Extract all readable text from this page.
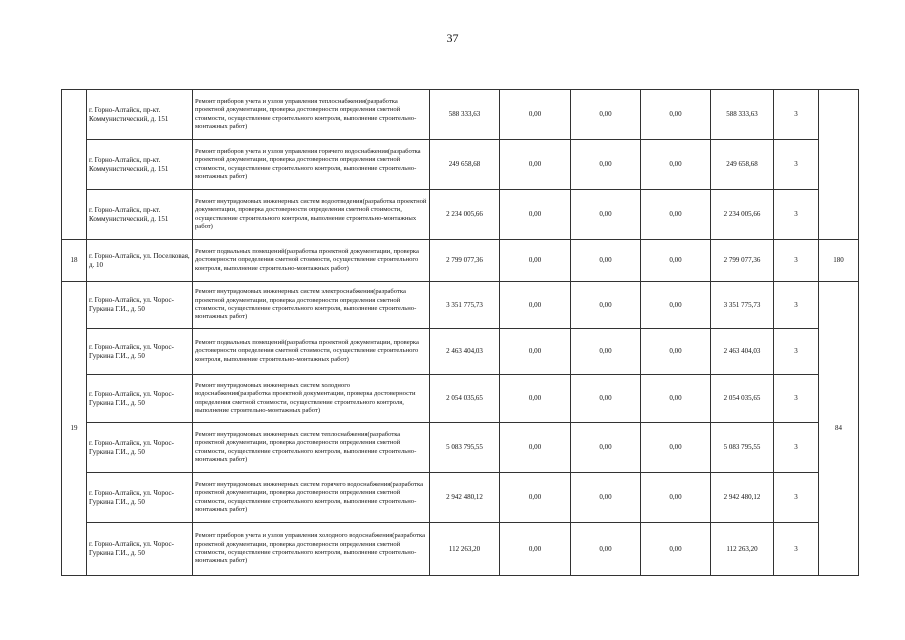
37
	г. Горно-Алтайск, пр-кт. Коммунистический, д. 151	Ремонт приборов учета и узлов управления теплоснабжения(разработка проектной документации, проверка достоверности определения сметной стоимости, осуществление строительного контроля, выполнение строительно-монтажных работ)	588 333,63	0,00	0,00	0,00	588 333,63	3	
	г. Горно-Алтайск, пр-кт. Коммунистический, д. 151	Ремонт приборов учета и узлов управления горячего водоснабжения(разработка проектной документации, проверка достоверности определения сметной стоимости, осуществление строительного контроля, выполнение строительно-монтажных работ)	249 658,68	0,00	0,00	0,00	249 658,68	3	
	г. Горно-Алтайск, пр-кт. Коммунистический, д. 151	Ремонт внутридомовых инженерных систем водоотведения(разработка проектной документации, проверка достоверности определения сметной стоимости, осуществление строительного контроля, выполнение строительно-монтажных работ)	2 234 005,66	0,00	0,00	0,00	2 234 005,66	3	
18	г. Горно-Алтайск, ул. Поселковая, д. 10	Ремонт подвальных помещений(разработка проектной документации, проверка достоверности определения сметной стоимости, осуществление строительного контроля, выполнение строительно-монтажных работ)	2 799 077,36	0,00	0,00	0,00	2 799 077,36	3	180
19	г. Горно-Алтайск, ул. Чорос-Гуркина Г.И., д. 50	Ремонт внутридомовых инженерных систем электроснабжения(разработка проектной документации, проверка достоверности определения сметной стоимости, осуществление строительного контроля, выполнение строительно-монтажных работ)	3 351 775,73	0,00	0,00	0,00	3 351 775,73	3	84
	г. Горно-Алтайск, ул. Чорос-Гуркина Г.И., д. 50	Ремонт подвальных помещений(разработка проектной документации, проверка достоверности определения сметной стоимости, осуществление строительного контроля, выполнение строительно-монтажных работ)	2 463 404,03	0,00	0,00	0,00	2 463 404,03	3	
	г. Горно-Алтайск, ул. Чорос-Гуркина Г.И., д. 50	Ремонт внутридомовых инженерных систем холодного водоснабжения(разработка проектной документации, проверка достоверности определения сметной стоимости, осуществление строительного контроля, выполнение строительно-монтажных работ)	2 054 035,65	0,00	0,00	0,00	2 054 035,65	3	
	г. Горно-Алтайск, ул. Чорос-Гуркина Г.И., д. 50	Ремонт внутридомовых инженерных систем теплоснабжения(разработка проектной документации, проверка достоверности определения сметной стоимости, осуществление строительного контроля, выполнение строительно-монтажных работ)	5 083 795,55	0,00	0,00	0,00	5 083 795,55	3	
	г. Горно-Алтайск, ул. Чорос-Гуркина Г.И., д. 50	Ремонт внутридомовых инженерных систем горячего водоснабжения(разработка проектной документации, проверка достоверности определения сметной стоимости, осуществление строительного контроля, выполнение строительно-монтажных работ)	2 942 480,12	0,00	0,00	0,00	2 942 480,12	3	
	г. Горно-Алтайск, ул. Чорос-Гуркина Г.И., д. 50	Ремонт приборов учета и узлов управления холодного водоснабжения(разработка проектной документации, проверка достоверности определения сметной стоимости, осуществление строительного контроля, выполнение строительно-монтажных работ)	112 263,20	0,00	0,00	0,00	112 263,20	3	
